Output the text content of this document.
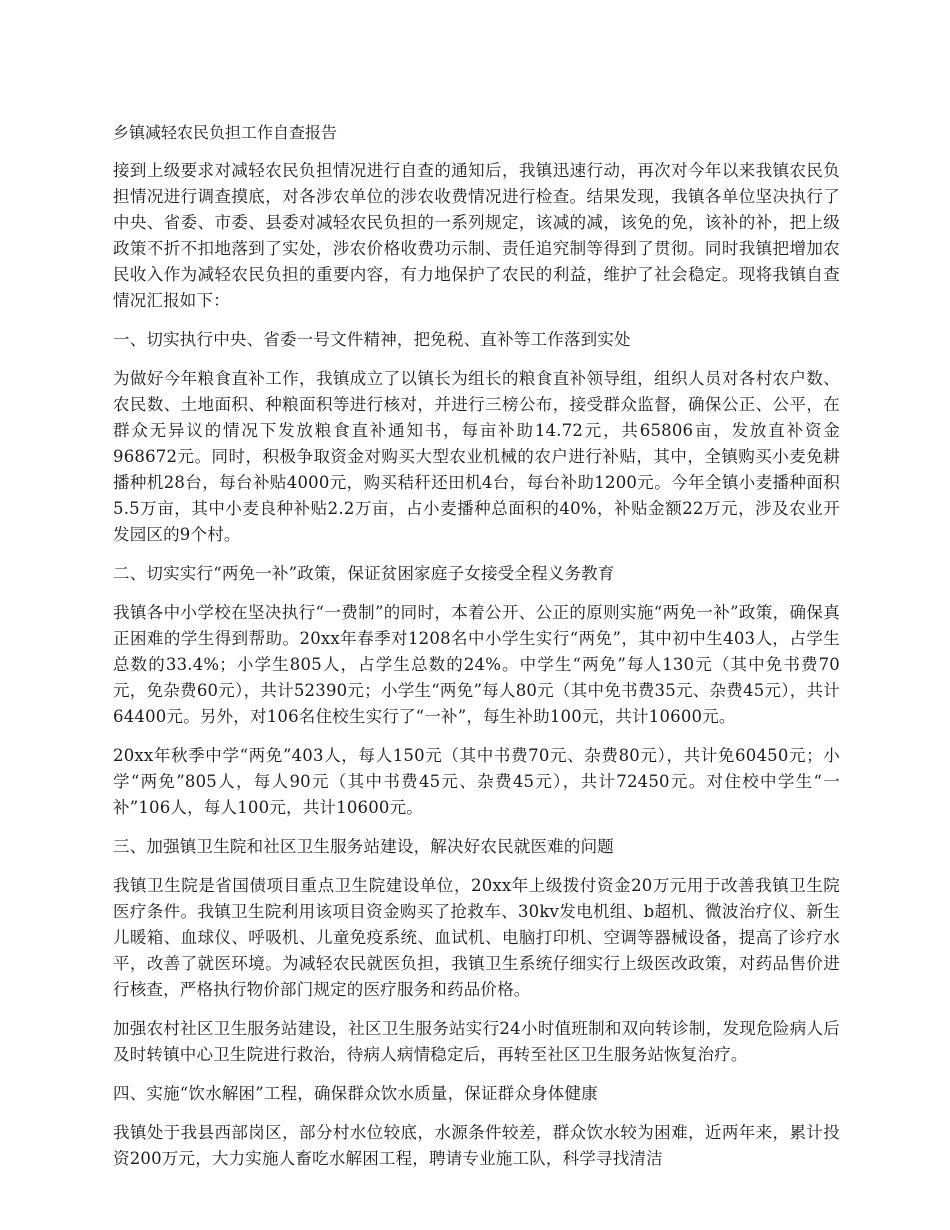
乡镇减轻农民负担工作自查报告
接到上级要求对减轻农民负担情况进行自查的通知后，我镇迅速行动，再次对今年以来我镇农民负担情况进行调查摸底，对各涉农单位的涉农收费情况进行检查。结果发现，我镇各单位坚决执行了中央、省委、市委、县委对减轻农民负担的一系列规定，该减的减，该免的免，该补的补，把上级政策不折不扣地落到了实处，涉农价格收费功示制、责任追究制等得到了贯彻。同时我镇把增加农民收入作为减轻农民负担的重要内容，有力地保护了农民的利益，维护了社会稳定。现将我镇自查情况汇报如下：
一、切实执行中央、省委一号文件精神，把免税、直补等工作落到实处
为做好今年粮食直补工作，我镇成立了以镇长为组长的粮食直补领导组，组织人员对各村农户数、农民数、土地面积、种粮面积等进行核对，并进行三榜公布，接受群众监督，确保公正、公平，在群众无异议的情况下发放粮食直补通知书，每亩补助14.72元，共65806亩，发放直补资金968672元。同时，积极争取资金对购买大型农业机械的农户进行补贴，其中，全镇购买小麦免耕播种机28台，每台补贴4000元，购买秸秆还田机4台，每台补助1200元。今年全镇小麦播种面积5.5万亩，其中小麦良种补贴2.2万亩，占小麦播种总面积的40%，补贴金额22万元，涉及农业开发园区的9个村。
二、切实实行“两免一补”政策，保证贫困家庭子女接受全程义务教育
我镇各中小学校在坚决执行“一费制”的同时，本着公开、公正的原则实施“两免一补”政策，确保真正困难的学生得到帮助。20xx年春季对1208名中小学生实行“两免”，其中初中生403人，占学生总数的33.4%；小学生805人，占学生总数的24%。中学生“两免”每人130元（其中免书费70元，免杂费60元），共计52390元；小学生“两免”每人80元（其中免书费35元、杂费45元），共计64400元。另外，对106名住校生实行了“一补”，每生补助100元，共计10600元。
20xx年秋季中学“两免”403人，每人150元（其中书费70元、杂费80元），共计免60450元；小学“两免”805人，每人90元（其中书费45元、杂费45元），共计72450元。对住校中学生“一补”106人，每人100元，共计10600元。
三、加强镇卫生院和社区卫生服务站建设，解决好农民就医难的问题
我镇卫生院是省国债项目重点卫生院建设单位，20xx年上级拨付资金20万元用于改善我镇卫生院医疗条件。我镇卫生院利用该项目资金购买了抢救车、30kv发电机组、b超机、微波治疗仪、新生儿暖箱、血球仪、呼吸机、儿童免疫系统、血试机、电脑打印机、空调等器械设备，提高了诊疗水平，改善了就医环境。为减轻农民就医负担，我镇卫生系统仔细实行上级医改政策，对药品售价进行核查，严格执行物价部门规定的医疗服务和药品价格。
加强农村社区卫生服务站建设，社区卫生服务站实行24小时值班制和双向转诊制，发现危险病人后及时转镇中心卫生院进行救治，待病人病情稳定后，再转至社区卫生服务站恢复治疗。
四、实施“饮水解困”工程，确保群众饮水质量，保证群众身体健康
我镇处于我县西部岗区，部分村水位较底，水源条件较差，群众饮水较为困难，近两年来，累计投资200万元，大力实施人畜吃水解困工程，聘请专业施工队，科学寻找清洁
